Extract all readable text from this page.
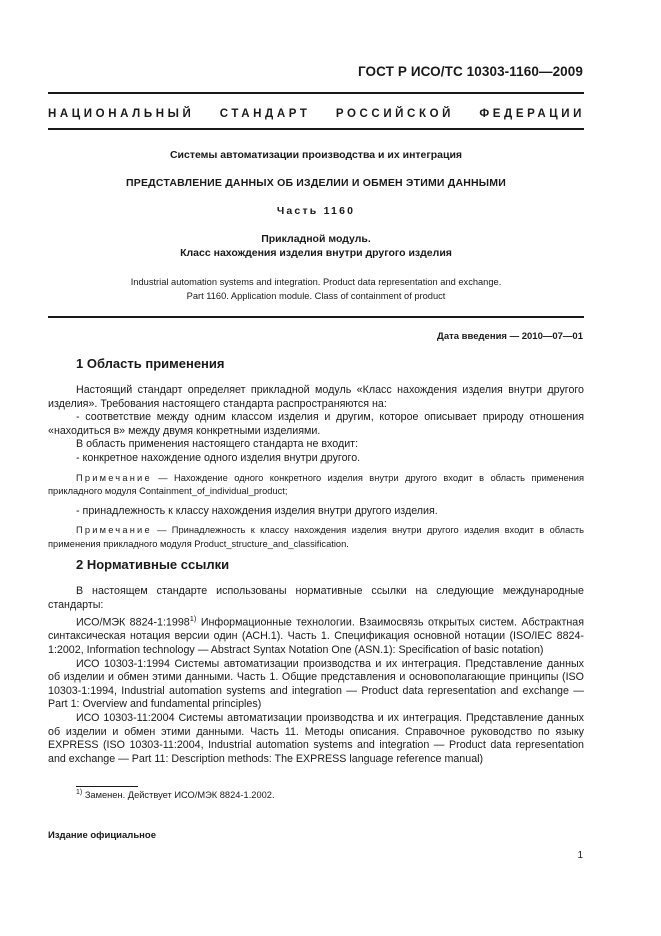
ГОСТ Р ИСО/ТС 10303-1160—2009
НАЦИОНАЛЬНЫЙ СТАНДАРТ РОССИЙСКОЙ ФЕДЕРАЦИИ
Системы автоматизации производства и их интеграция
ПРЕДСТАВЛЕНИЕ ДАННЫХ ОБ ИЗДЕЛИИ И ОБМЕН ЭТИМИ ДАННЫМИ
Часть 1160
Прикладной модуль.
Класс нахождения изделия внутри другого изделия
Industrial automation systems and integration. Product data representation and exchange.
Part 1160. Application module. Class of containment of product
Дата введения — 2010—07—01
1 Область применения

Настоящий стандарт определяет прикладной модуль «Класс нахождения изделия внутри другого изделия». Требования настоящего стандарта распространяются на:

- соответствие между одним классом изделия и другим, которое описывает природу отношения «находиться в» между двумя конкретными изделиями.

В область применения настоящего стандарта не входит:

- конкретное нахождение одного изделия внутри другого.

Примечание — Нахождение одного конкретного изделия внутри другого входит в область применения прикладного модуля Containment_of_individual_product;

- принадлежность к классу нахождения изделия внутри другого изделия.

Примечание — Принадлежность к классу нахождения изделия внутри другого изделия входит в область применения прикладного модуля Product_structure_and_classification.

2 Нормативные ссылки

В настоящем стандарте использованы нормативные ссылки на следующие международные стандарты:

ИСО/МЭК 8824-1:1998$^{1)}$ Информационные технологии. Взаимосвязь открытых систем. Абстрактная синтаксическая нотация версии один (АСН.1). Часть 1. Спецификация основной нотации (ISO/IEC 8824-1:2002, Information technology — Abstract Syntax Notation One (ASN.1): Specification of basic notation)

ИСО 10303-1:1994 Системы автоматизации производства и их интеграция. Представление данных об изделии и обмен этими данными. Часть 1. Общие представления и основополагающие принципы (ISO 10303-1:1994, Industrial automation systems and integration — Product data representation and exchange — Part 1: Overview and fundamental principles)

ИСО 10303-11:2004 Системы автоматизации производства и их интеграция. Представление данных об изделии и обмен этими данными. Часть 11. Методы описания. Справочное руководство по языку EXPRESS (ISO 10303-11:2004, Industrial automation systems and integration — Product data representation and exchange — Part 11: Description methods: The EXPRESS language reference manual)

$^{1)}$ Заменен. Действует ИСО/МЭК 8824-1.2002.
Издание официальное
1
